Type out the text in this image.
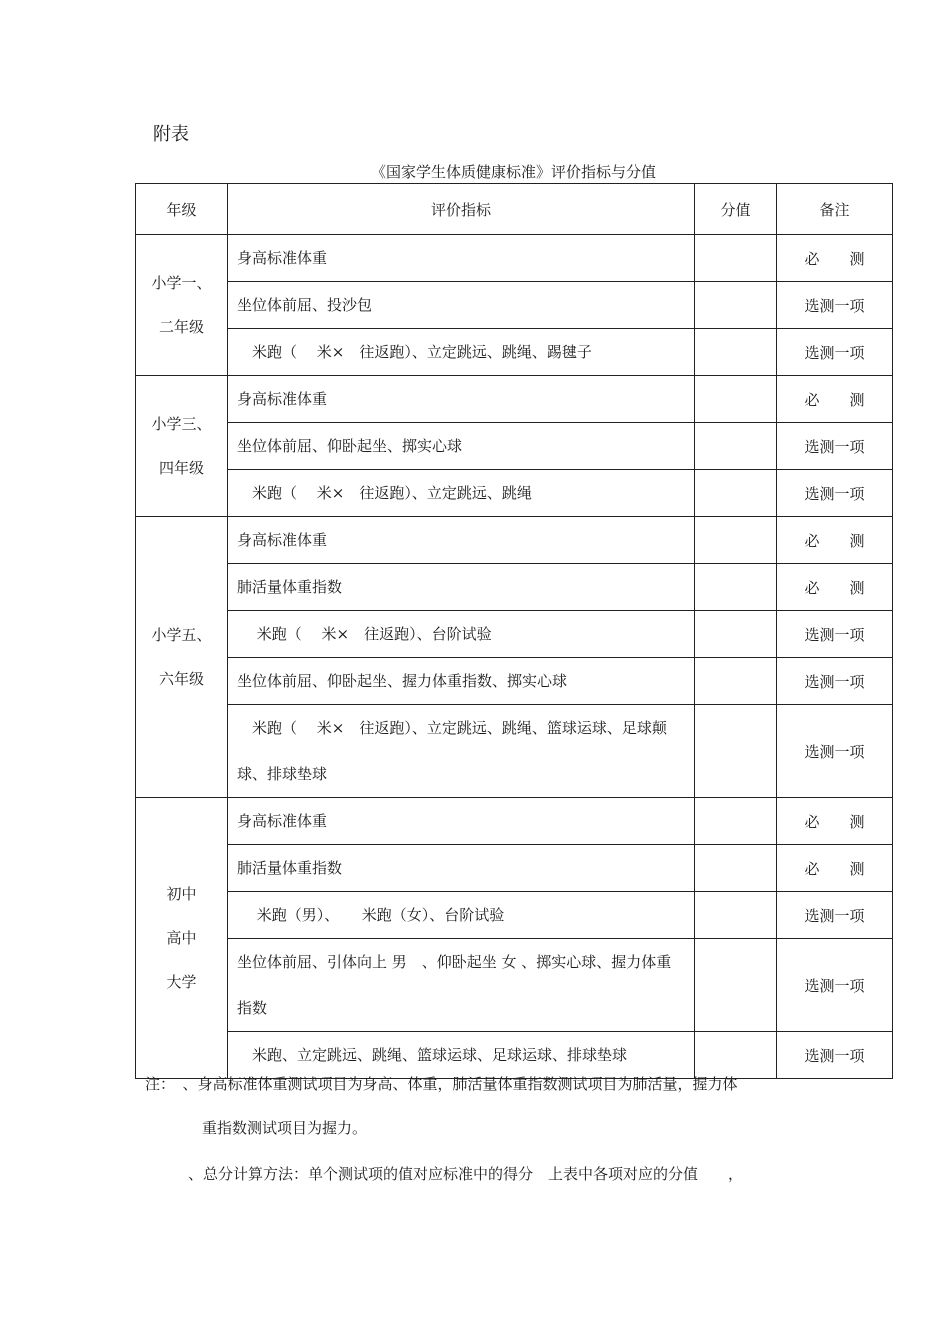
附表
《国家学生体质健康标准》评价指标与分值
年级	评价指标	分值	备注

小学一、
二年级	身高标准体重		必　　测
	坐位体前屈、投沙包		选测一项
	　米跑（　 米×　往返跑）、立定跳远、跳绳、踢毽子		选测一项

小学三、
四年级	身高标准体重		必　　测
	坐位体前屈、仰卧起坐、掷实心球		选测一项
	　米跑（　 米×　往返跑）、立定跳远、跳绳		选测一项

小学五、
六年级	身高标准体重		必　　测
	肺活量体重指数		必　　测
	　 米跑（　 米×　往返跑）、台阶试验		选测一项
	坐位体前屈、仰卧起坐、握力体重指数、掷实心球		选测一项
	　米跑（　 米×　往返跑）、立定跳远、跳绳、篮球运球、足球颠球、排球垫球		选测一项

初中
高中
大学	身高标准体重		必　　测
	肺活量体重指数		必　　测
	　 米跑（男）、　　米跑（女）、台阶试验		选测一项
	坐位体前屈、引体向上 男　、仰卧起坐 女 、掷实心球、握力体重指数		选测一项
	　米跑、立定跳远、跳绳、篮球运球、足球运球、排球垫球		选测一项

注：　、身高标准体重测试项目为身高、体重，肺活量体重指数测试项目为肺活量，握力体

重指数测试项目为握力。

、总分计算方法：单个测试项的值对应标准中的得分　上表中各项对应的分值　　，
